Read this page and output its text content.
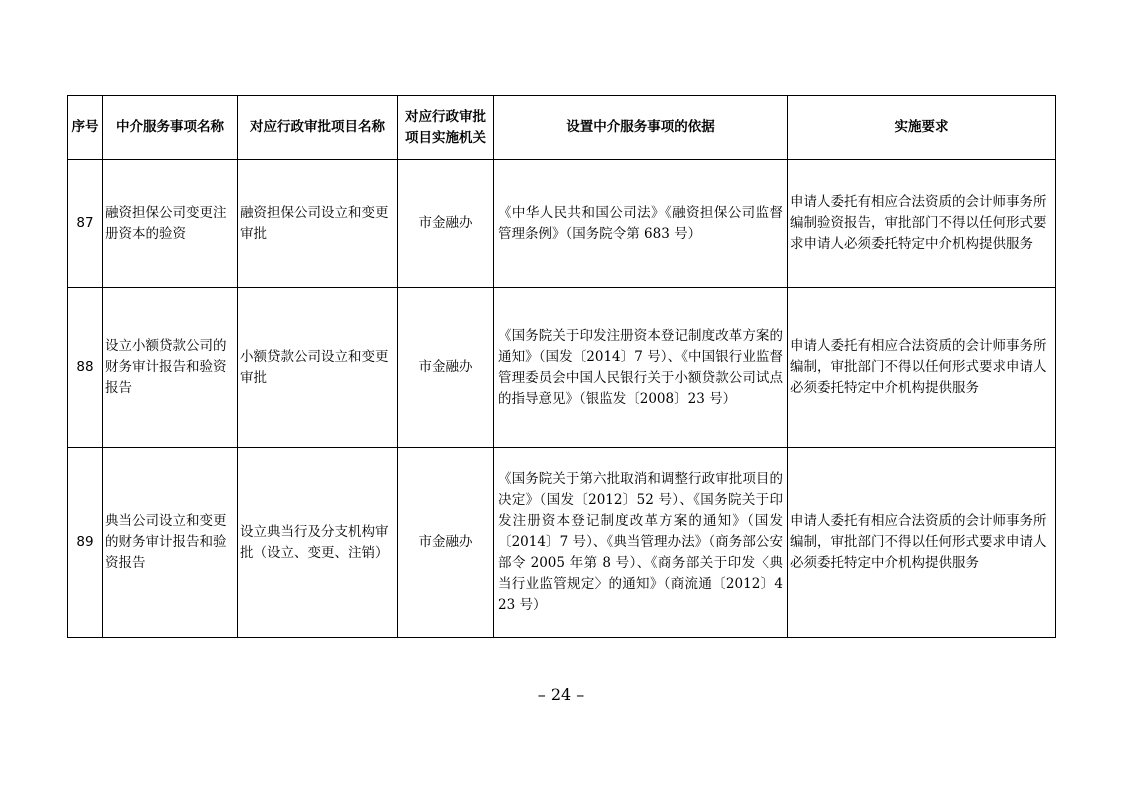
序号	中介服务事项名称	对应行政审批项目名称	对应行政审批项目实施机关	设置中介服务事项的依据	实施要求
87	融资担保公司变更注册资本的验资	融资担保公司设立和变更审批	市金融办	《中华人民共和国公司法》《融资担保公司监督管理条例》（国务院令第 683 号）	申请人委托有相应合法资质的会计师事务所编制验资报告，审批部门不得以任何形式要求申请人必须委托特定中介机构提供服务
88	设立小额贷款公司的财务审计报告和验资报告	小额贷款公司设立和变更审批	市金融办	《国务院关于印发注册资本登记制度改革方案的通知》（国发〔2014〕7 号）、《中国银行业监督管理委员会中国人民银行关于小额贷款公司试点的指导意见》（银监发〔2008〕23 号）	申请人委托有相应合法资质的会计师事务所编制，审批部门不得以任何形式要求申请人必须委托特定中介机构提供服务
89	典当公司设立和变更的财务审计报告和验资报告	设立典当行及分支机构审批（设立、变更、注销）	市金融办	《国务院关于第六批取消和调整行政审批项目的决定》（国发〔2012〕52 号）、《国务院关于印发注册资本登记制度改革方案的通知》（国发〔2014〕7 号）、《典当管理办法》（商务部公安部令 2005 年第 8 号）、《商务部关于印发〈典当行业监管规定〉的通知》（商流通〔2012〕423 号）	申请人委托有相应合法资质的会计师事务所编制，审批部门不得以任何形式要求申请人必须委托特定中介机构提供服务
– 24 –
